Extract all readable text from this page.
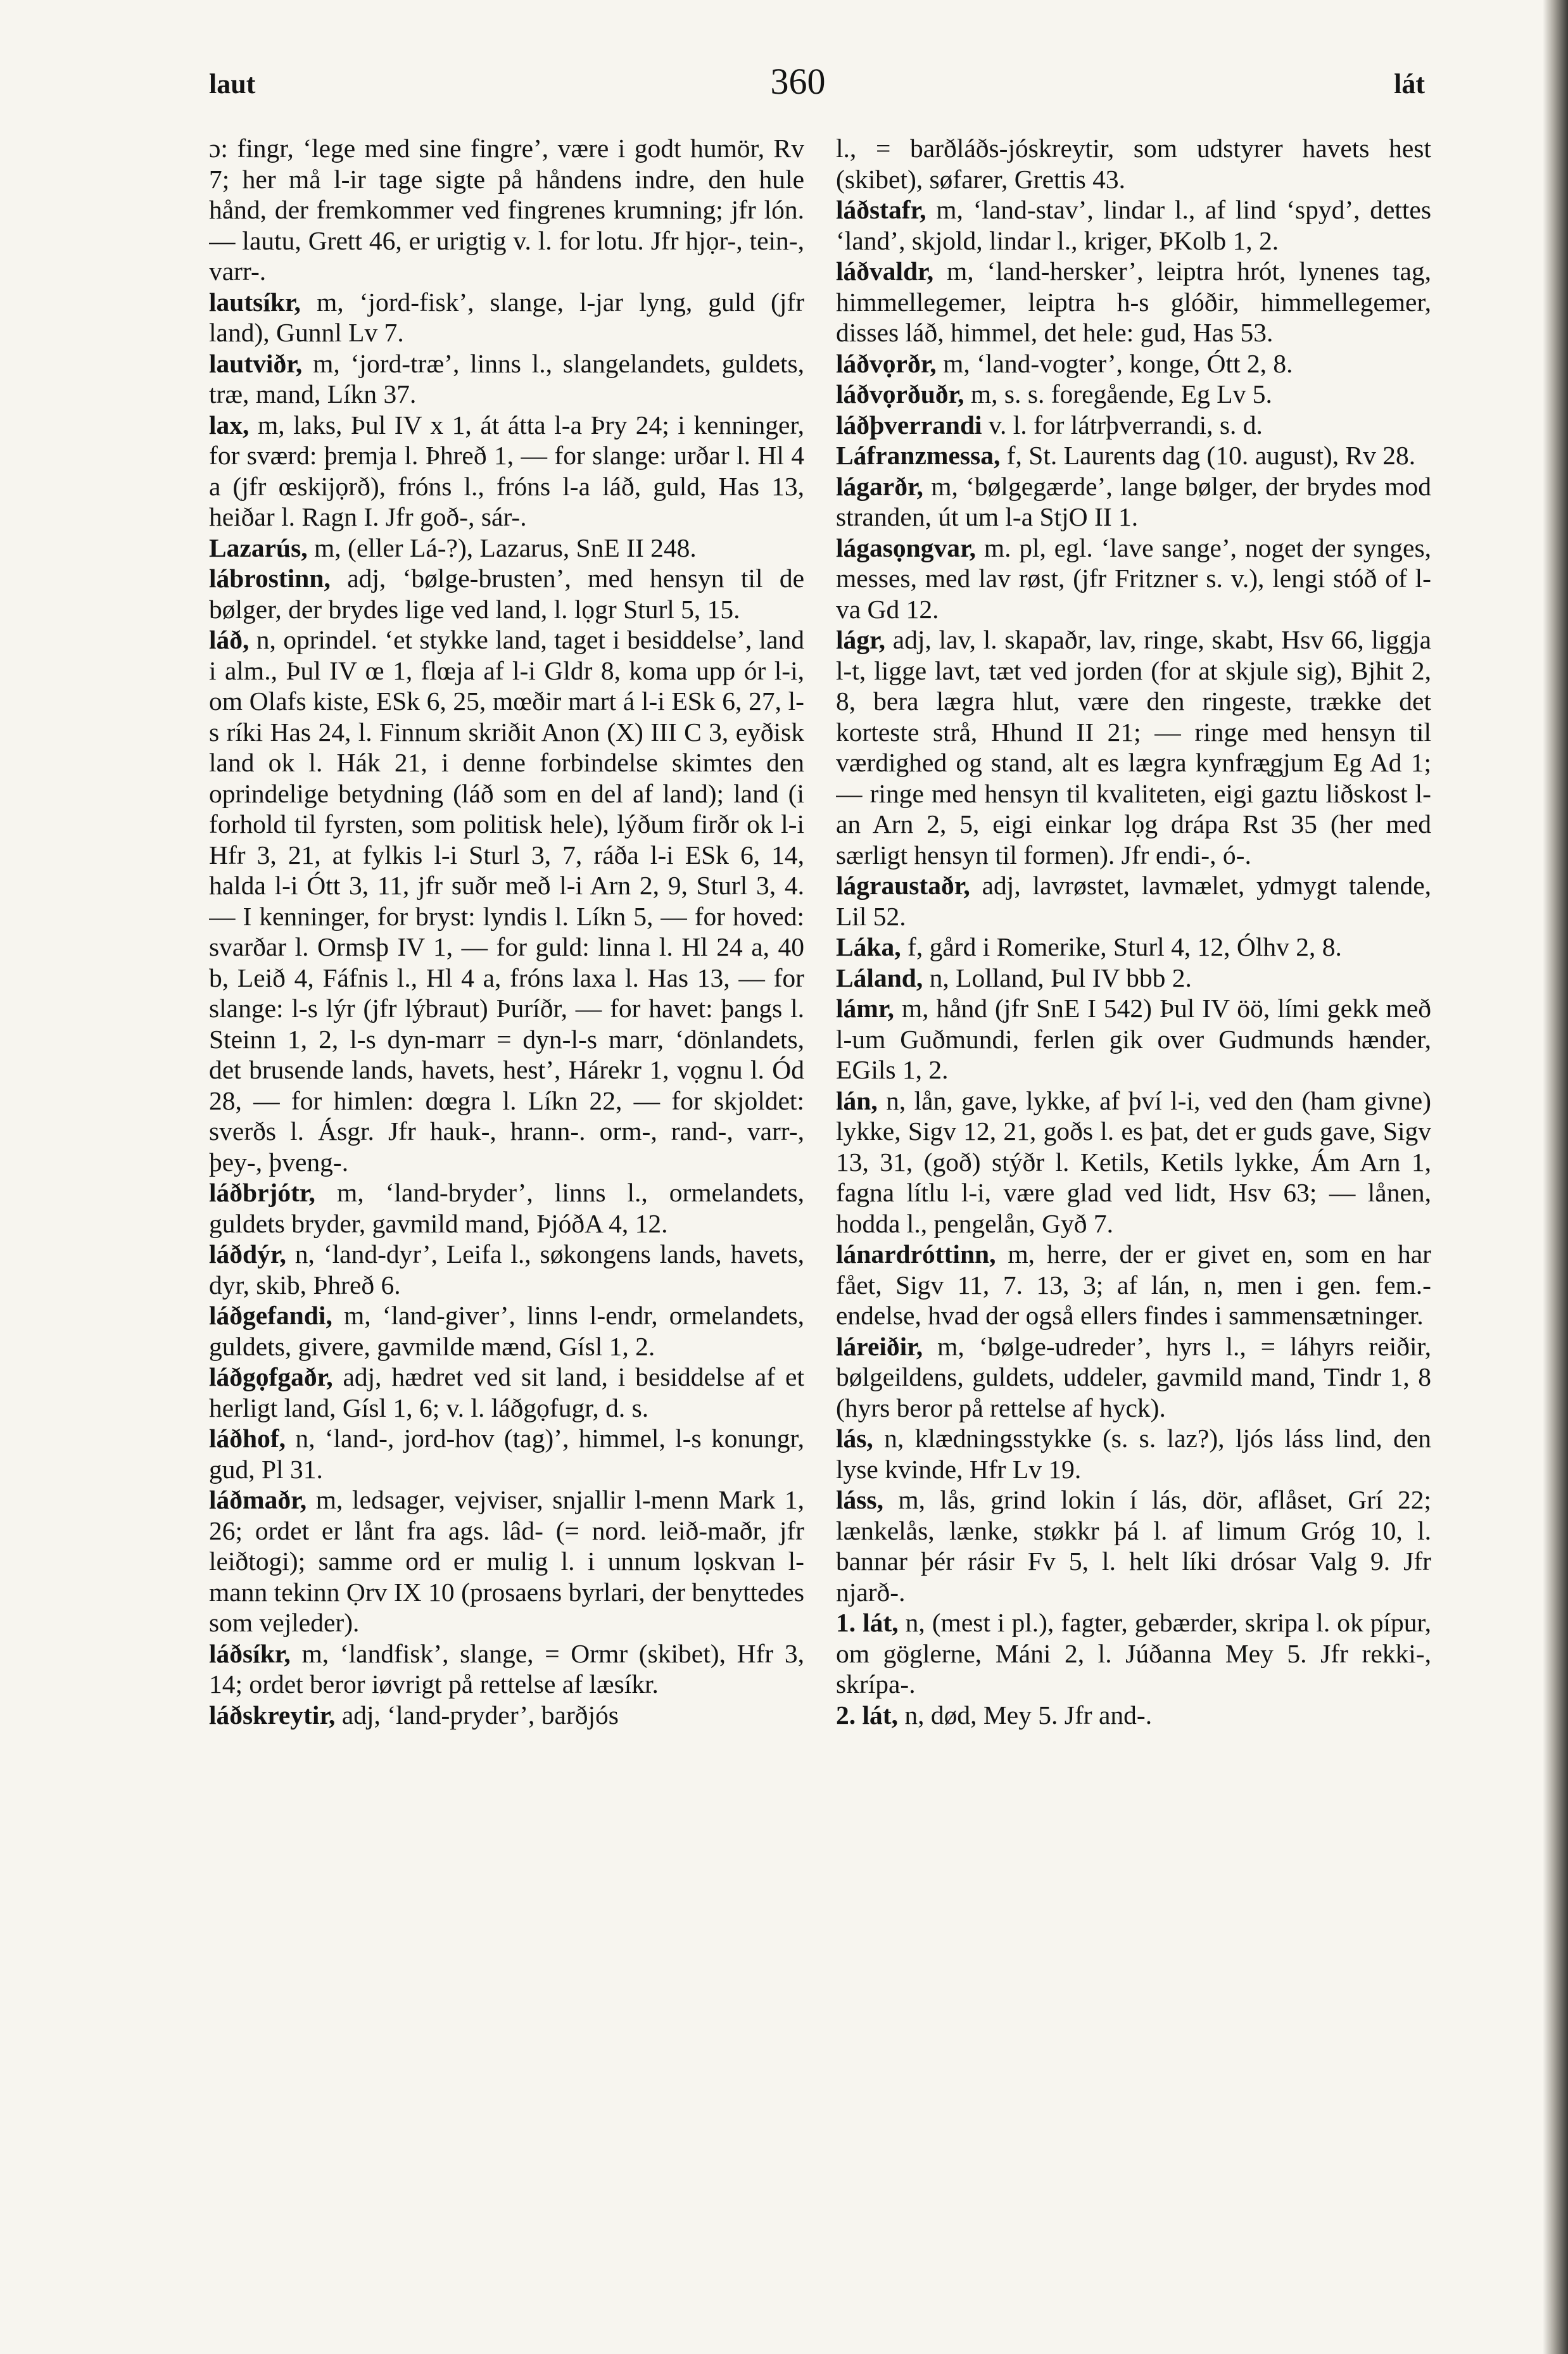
laut	360	lát

ɔ: fingr, ‘lege med sine fingre’, være i godt humör, Rv 7; her må l-ir tage sigte på håndens indre, den hule hånd, der fremkommer ved fingrenes krumning; jfr lón. — lautu, Grett 46, er urigtig v. l. for lotu. Jfr hjọr-, tein-, varr-.

lautsíkr, m, ‘jord-fisk’, slange, l-jar lyng, guld (jfr land), Gunnl Lv 7.

lautviðr, m, ‘jord-træ’, linns l., slangelandets, guldets, træ, mand, Líkn 37.

lax, m, laks, Þul IV x 1, át átta l-a Þry 24; i kenninger, for sværd: þremja l. Þhreð 1, — for slange: urðar l. Hl 4 a (jfr œskijọrð), fróns l., fróns l-a láð, guld, Has 13, heiðar l. Ragn I. Jfr goð-, sár-.

Lazarús, m, (eller Lá-?), Lazarus, SnE II 248.

lábrostinn, adj, ‘bølge-brusten’, med hensyn til de bølger, der brydes lige ved land, l. lọgr Sturl 5, 15.

láð, n, oprindel. ‘et stykke land, taget i besiddelse’, land i alm., Þul IV œ 1, flœja af l-i Gldr 8, koma upp ór l-i, om Olafs kiste, ESk 6, 25, mœðir mart á l-i ESk 6, 27, l-s ríki Has 24, l. Finnum skriðit Anon (X) III C 3, eyðisk land ok l. Hák 21, i denne forbindelse skimtes den oprindelige betydning (láð som en del af land); land (i forhold til fyrsten, som politisk hele), lýðum firðr ok l-i Hfr 3, 21, at fylkis l-i Sturl 3, 7, ráða l-i ESk 6, 14, halda l-i Ótt 3, 11, jfr suðr með l-i Arn 2, 9, Sturl 3, 4. — I kenninger, for bryst: lyndis l. Líkn 5, — for hoved: svarðar l. Ormsþ IV 1, — for guld: linna l. Hl 24 a, 40 b, Leið 4, Fáfnis l., Hl 4 a, fróns laxa l. Has 13, — for slange: l-s lýr (jfr lýbraut) Þuríðr, — for havet: þangs l. Steinn 1, 2, l-s dyn-marr = dyn-l-s marr, ‘dönlandets, det brusende lands, havets, hest’, Hárekr 1, vọgnu l. Ód 28, — for himlen: dœgra l. Líkn 22, — for skjoldet: sverðs l. Ásgr. Jfr hauk-, hrann-. orm-, rand-, varr-, þey-, þveng-.

láðbrjótr, m, ‘land-bryder’, linns l., ormelandets, guldets bryder, gavmild mand, ÞjóðA 4, 12.

láðdýr, n, ‘land-dyr’, Leifa l., søkongens lands, havets, dyr, skib, Þhreð 6.

láðgefandi, m, ‘land-giver’, linns l-endr, ormelandets, guldets, givere, gavmilde mænd, Gísl 1, 2.

láðgọfgaðr, adj, hædret ved sit land, i besiddelse af et herligt land, Gísl 1, 6; v. l. láðgọfugr, d. s.

láðhof, n, ‘land-, jord-hov (tag)’, himmel, l-s konungr, gud, Pl 31.

láðmaðr, m, ledsager, vejviser, snjallir l-menn Mark 1, 26; ordet er lånt fra ags. lâd- (= nord. leið-maðr, jfr leiðtogi); samme ord er mulig l. i unnum lọskvan l-mann tekinn Ọrv IX 10 (prosaens byrlari, der benyttedes som vejleder).

láðsíkr, m, ‘landfisk’, slange, = Ormr (skibet), Hfr 3, 14; ordet beror iøvrigt på rettelse af læsíkr.

láðskreytir, adj, ‘land-pryder’, barðjós

l., = barðláðs-jóskreytir, som udstyrer havets hest (skibet), søfarer, Grettis 43.

láðstafr, m, ‘land-stav’, lindar l., af lind ‘spyd’, dettes ‘land’, skjold, lindar l., kriger, ÞKolb 1, 2.

láðvaldr, m, ‘land-hersker’, leiptra hrót, lynenes tag, himmellegemer, leiptra h-s glóðir, himmellegemer, disses láð, himmel, det hele: gud, Has 53.

láðvọrðr, m, ‘land-vogter’, konge, Ótt 2, 8.

láðvọrðuðr, m, s. s. foregående, Eg Lv 5.

láðþverrandi v. l. for látrþverrandi, s. d.

Láfranzmessa, f, St. Laurents dag (10. august), Rv 28.

lágarðr, m, ‘bølgegærde’, lange bølger, der brydes mod stranden, út um l-a StjO II 1.

lágasọngvar, m. pl, egl. ‘lave sange’, noget der synges, messes, med lav røst, (jfr Fritzner s. v.), lengi stóð of l-va Gd 12.

lágr, adj, lav, l. skapaðr, lav, ringe, skabt, Hsv 66, liggja l-t, ligge lavt, tæt ved jorden (for at skjule sig), Bjhit 2, 8, bera lægra hlut, være den ringeste, trække det korteste strå, Hhund II 21; — ringe med hensyn til værdighed og stand, alt es lægra kynfræ̨gjum Eg Ad 1; — ringe med hensyn til kvaliteten, eigi gaztu liðskost l-an Arn 2, 5, eigi einkar lọg drápa Rst 35 (her med særligt hensyn til formen). Jfr endi-, ó-.

lágraustaðr, adj, lavrøstet, lavmælet, ydmygt talende, Lil 52.

Láka, f, gård i Romerike, Sturl 4, 12, Ólhv 2, 8.

Láland, n, Lolland, Þul IV bbb 2.

lámr, m, hånd (jfr SnE I 542) Þul IV öö, lími gekk með l-um Guðmundi, ferlen gik over Gudmunds hænder, EGils 1, 2.

lán, n, lån, gave, lykke, af því l-i, ved den (ham givne) lykke, Sigv 12, 21, goðs l. es þat, det er guds gave, Sigv 13, 31, (goð) stýðr l. Ketils, Ketils lykke, Ám Arn 1, fagna lítlu l-i, være glad ved lidt, Hsv 63; — lånen, hodda l., pengelån, Gyð 7.

lánardróttinn, m, herre, der er givet en, som en har fået, Sigv 11, 7. 13, 3; af lán, n, men i gen. fem.-endelse, hvad der også ellers findes i sammensætninger.

láreiðir, m, ‘bølge-udreder’, hyrs l., = láhyrs reiðir, bølgeildens, guldets, uddeler, gavmild mand, Tindr 1, 8 (hyrs beror på rettelse af hyck).

lás, n, klædningsstykke (s. s. laz?), ljós láss lind, den lyse kvinde, Hfr Lv 19.

láss, m, lås, grind lokin í lás, dör, aflåset, Grí 22; lænkelås, lænke, støkkr þá l. af limum Gróg 10, l. bannar þér rásir Fv 5, l. helt líki drósar Valg 9. Jfr njarð-.

1. lát, n, (mest i pl.), fagter, gebærder, skripa l. ok pípur, om göglerne, Máni 2, l. Júðanna Mey 5. Jfr rekki-, skrípa-.

2. lát, n, død, Mey 5. Jfr and-.
